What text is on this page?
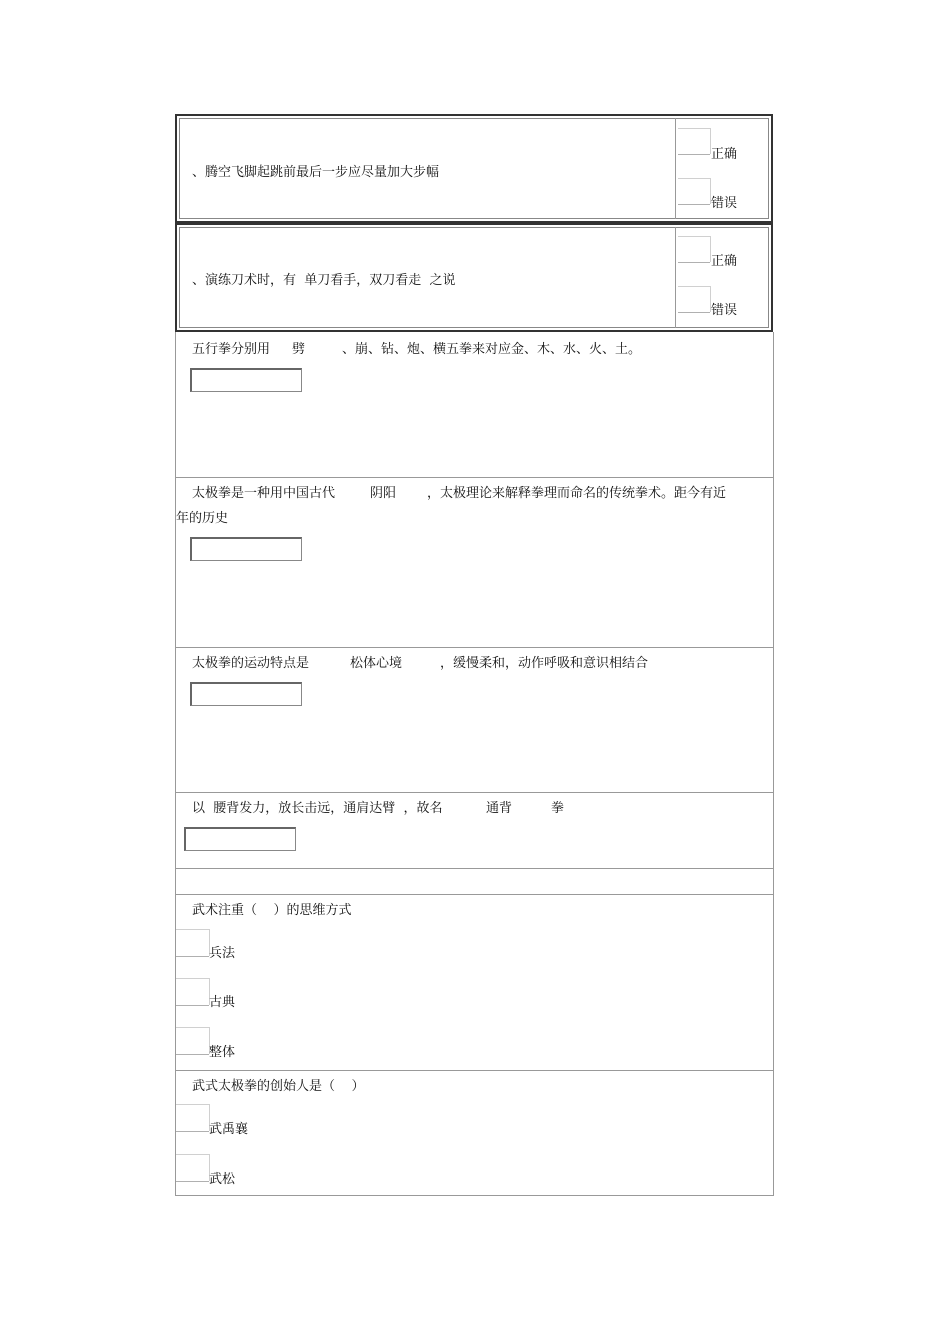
、腾空飞脚起跳前最后一步应尽量加大步幅
正确
错误
、演练刀术时，有  单刀看手，双刀看走  之说
正确
错误
五行拳分别用 劈	、崩、钻、炮、横五拳来对应金、木、水、火、土。
太极拳是一种用中国古代	阴阳 ，太极理论来解释拳理而命名的传统拳术。距今有近
年的历史
太极拳的运动特点是	松体心境	，缓慢柔和，动作呼吸和意识相结合
以  腰背发力，放长击远，通肩达臂  ，故名	通背	拳
武术注重（    ）的思维方式
兵法
古典
整体
武式太极拳的创始人是（    ）
武禹襄
武松
